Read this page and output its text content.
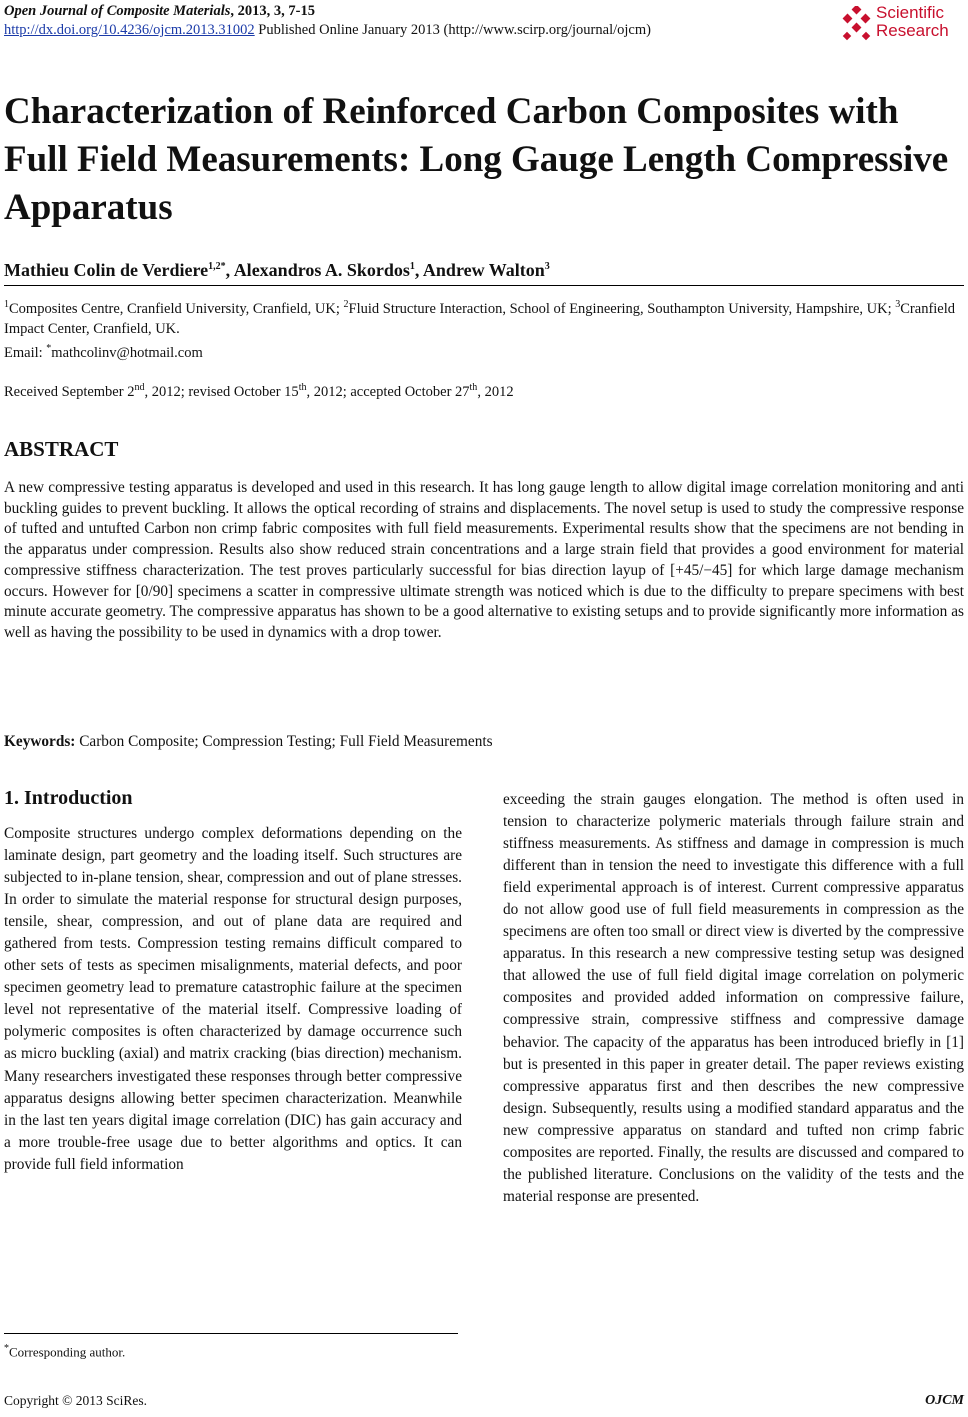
Open Journal of Composite Materials, 2013, 3, 7-15
http://dx.doi.org/10.4236/ojcm.2013.31002 Published Online January 2013 (http://www.scirp.org/journal/ojcm)
Scientific
Research
Characterization of Reinforced Carbon Composites with Full Field Measurements: Long Gauge Length Compressive Apparatus
Mathieu Colin de Verdiere$^{1,2*}$, Alexandros A. Skordos$^1$, Andrew Walton$^3$
$^1$Composites Centre, Cranfield University, Cranfield, UK; $^2$Fluid Structure Interaction, School of Engineering, Southampton University, Hampshire, UK; $^3$Cranfield Impact Center, Cranfield, UK.
Email: *mathcolinv@hotmail.com
Received September 2nd, 2012; revised October 15th, 2012; accepted October 27th, 2012
ABSTRACT
A new compressive testing apparatus is developed and used in this research. It has long gauge length to allow digital image correlation monitoring and anti buckling guides to prevent buckling. It allows the optical recording of strains and displacements. The novel setup is used to study the compressive response of tufted and untufted Carbon non crimp fabric composites with full field measurements. Experimental results show that the specimens are not bending in the apparatus under compression. Results also show reduced strain concentrations and a large strain field that provides a good environment for material compressive stiffness characterization. The test proves particularly successful for bias direction layup of [+45/−45] for which large damage mechanism occurs. However for [0/90] specimens a scatter in compressive ultimate strength was noticed which is due to the difficulty to prepare specimens with best minute accurate geometry. The compressive apparatus has shown to be a good alternative to existing setups and to provide significantly more information as well as having the possibility to be used in dynamics with a drop tower.
Keywords: Carbon Composite; Compression Testing; Full Field Measurements
1. Introduction
Composite structures undergo complex deformations depending on the laminate design, part geometry and the loading itself. Such structures are subjected to in-plane tension, shear, compression and out of plane stresses. In order to simulate the material response for structural design purposes, tensile, shear, compression, and out of plane data are required and gathered from tests. Compression testing remains difficult compared to other sets of tests as specimen misalignments, material defects, and poor specimen geometry lead to premature catastrophic failure at the specimen level not representative of the material itself. Compressive loading of polymeric composites is often characterized by damage occurrence such as micro buckling (axial) and matrix cracking (bias direction) mechanism. Many researchers investigated these responses through better compressive apparatus designs allowing better specimen characterization. Meanwhile in the last ten years digital image correlation (DIC) has gain accuracy and a more trouble-free usage due to better algorithms and optics. It can provide full field information
exceeding the strain gauges elongation. The method is often used in tension to characterize polymeric materials through failure strain and stiffness measurements. As stiffness and damage in compression is much different than in tension the need to investigate this difference with a full field experimental approach is of interest. Current compressive apparatus do not allow good use of full field measurements in compression as the specimens are often too small or direct view is diverted by the compressive apparatus. In this research a new compressive testing setup was designed that allowed the use of full field digital image correlation on polymeric composites and provided added information on compressive failure, compressive strain, compressive stiffness and compressive damage behavior. The capacity of the apparatus has been introduced briefly in [1] but is presented in this paper in greater detail. The paper reviews existing compressive apparatus first and then describes the new compressive design. Subsequently, results using a modified standard apparatus and the new compressive apparatus on standard and tufted non crimp fabric composites are reported. Finally, the results are discussed and compared to the published literature. Conclusions on the validity of the tests and the material response are presented.
*Corresponding author.
Copyright © 2013 SciRes.	OJCM
